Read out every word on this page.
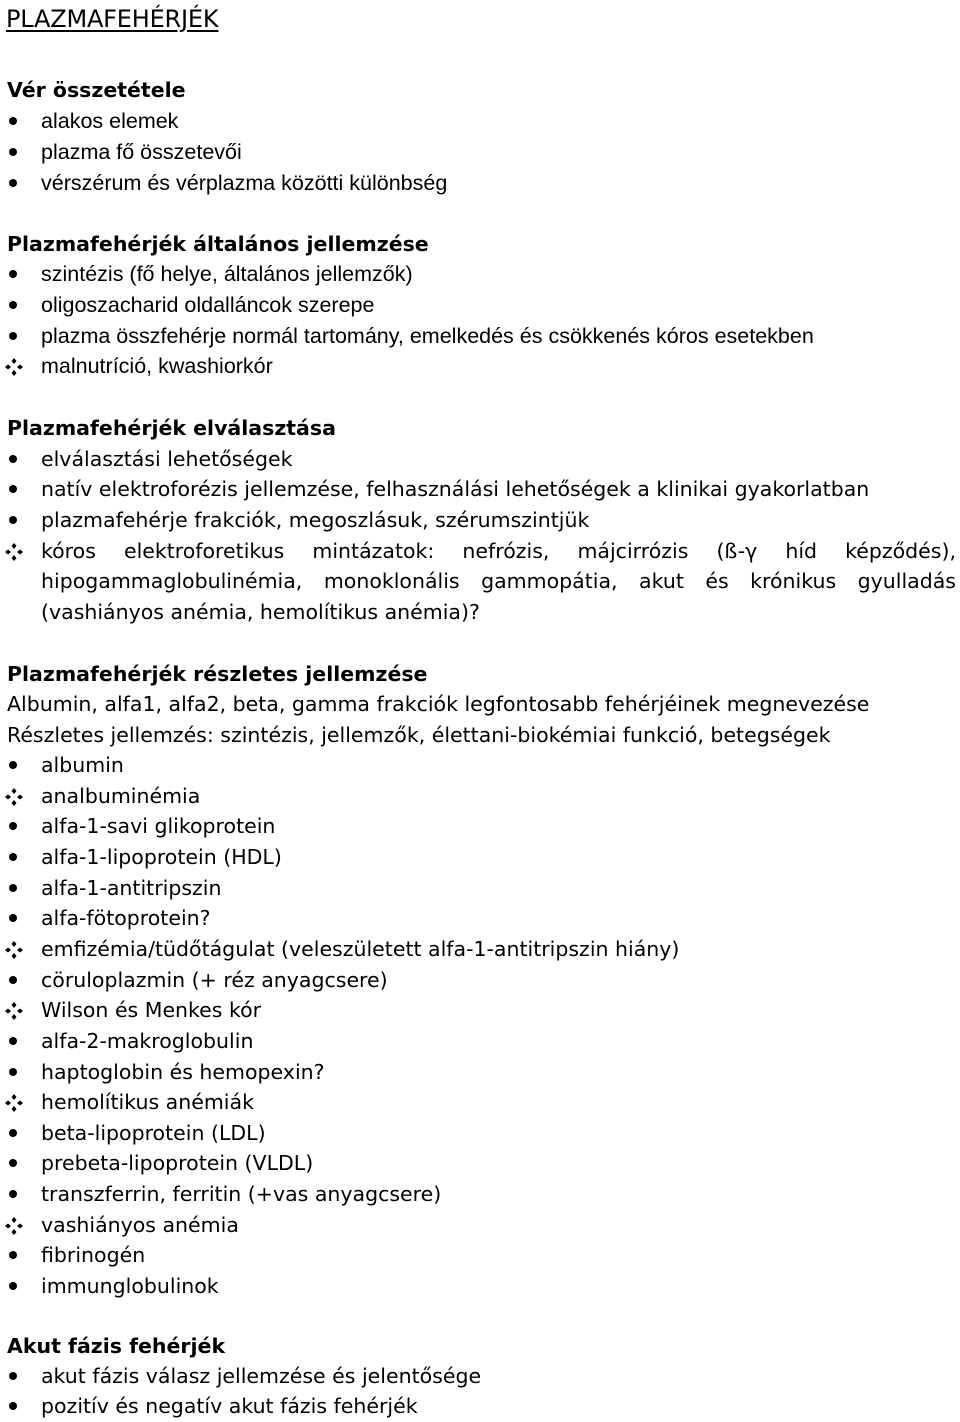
PLAZMAFEHÉRJÉK
Vér összetétele
alakos elemek
plazma fő összetevői
vérszérum és vérplazma közötti különbség
Plazmafehérjék általános jellemzése
szintézis (fő helye, általános jellemzők)
oligoszacharid oldalláncok szerepe
plazma összfehérje normál tartomány, emelkedés és csökkenés kóros esetekben
malnutríció, kwashiorkór
Plazmafehérjék elválasztása
elválasztási lehetőségek
natív elektroforézis jellemzése, felhasználási lehetőségek a klinikai gyakorlatban
plazmafehérje frakciók, megoszlásuk, szérumszintjük
kóros elektroforetikus mintázatok: nefrózis, májcirrózis (ß-γ híd képződés),
hipogammaglobulinémia, monoklonális gammopátia, akut és krónikus gyulladás
(vashiányos anémia, hemolítikus anémia)?
Plazmafehérjék részletes jellemzése
Albumin, alfa1, alfa2, beta, gamma frakciók legfontosabb fehérjéinek megnevezése
Részletes jellemzés: szintézis, jellemzők, élettani-biokémiai funkció, betegségek
albumin
analbuminémia
alfa-1-savi glikoprotein
alfa-1-lipoprotein (HDL)
alfa-1-antitripszin
alfa-fötoprotein?
emfizémia/tüdőtágulat (veleszületett alfa-1-antitripszin hiány)
cöruloplazmin (+ réz anyagcsere)
Wilson és Menkes kór
alfa-2-makroglobulin
haptoglobin és hemopexin?
hemolítikus anémiák
beta-lipoprotein (LDL)
prebeta-lipoprotein (VLDL)
transzferrin, ferritin (+vas anyagcsere)
vashiányos anémia
fibrinogén
immunglobulinok
Akut fázis fehérjék
akut fázis válasz jellemzése és jelentősége
pozitív és negatív akut fázis fehérjék
